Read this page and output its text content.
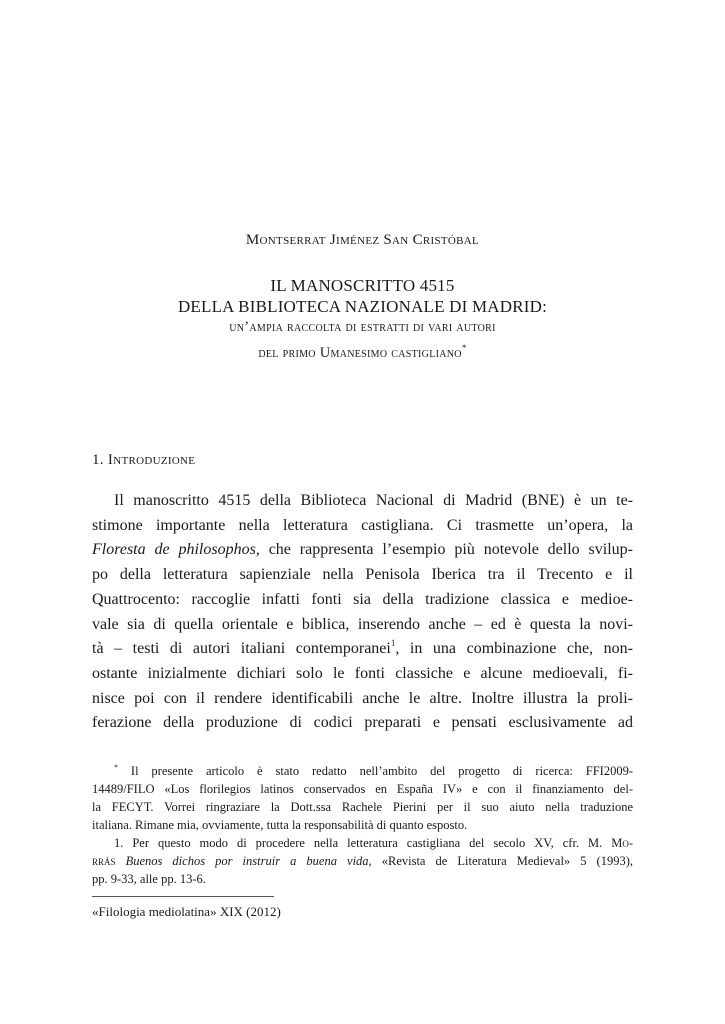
Montserrat Jiménez San Cristóbal
IL MANOSCRITTO 4515
DELLA BIBLIOTECA NAZIONALE DI MADRID:
un’ampia raccolta di estratti di vari autori
del primo Umanesimo castigliano*
1. Introduzione
Il manoscritto 4515 della Biblioteca Nacional di Madrid (BNE) è un te-
stimone importante nella letteratura castigliana. Ci trasmette un’opera, la
Floresta de philosophos, che rappresenta l’esempio più notevole dello svilup-
po della letteratura sapienziale nella Penisola Iberica tra il Trecento e il
Quattrocento: raccoglie infatti fonti sia della tradizione classica e medioe-
vale sia di quella orientale e biblica, inserendo anche – ed è questa la novi-
tà – testi di autori italiani contemporanei$^1$, in una combinazione che, non-
ostante inizialmente dichiari solo le fonti classiche e alcune medioevali, fi-
nisce poi con il rendere identificabili anche le altre. Inoltre illustra la proli-
ferazione della produzione di codici preparati e pensati esclusivamente ad
* Il presente articolo è stato redatto nell’ambito del progetto di ricerca: FFI2009-
14489/FILO «Los florilegios latinos conservados en España IV» e con il finanziamento del-
la FECYT. Vorrei ringraziare la Dott.ssa Rachele Pierini per il suo aiuto nella traduzione
italiana. Rimane mia, ovviamente, tutta la responsabilità di quanto esposto.
1. Per questo modo di procedere nella letteratura castigliana del secolo XV, cfr. M. Mo-
rrás Buenos dichos por instruir a buena vida, «Revista de Literatura Medieval» 5 (1993),
pp. 9-33, alle pp. 13-6.
«Filologia mediolatina» XIX (2012)
